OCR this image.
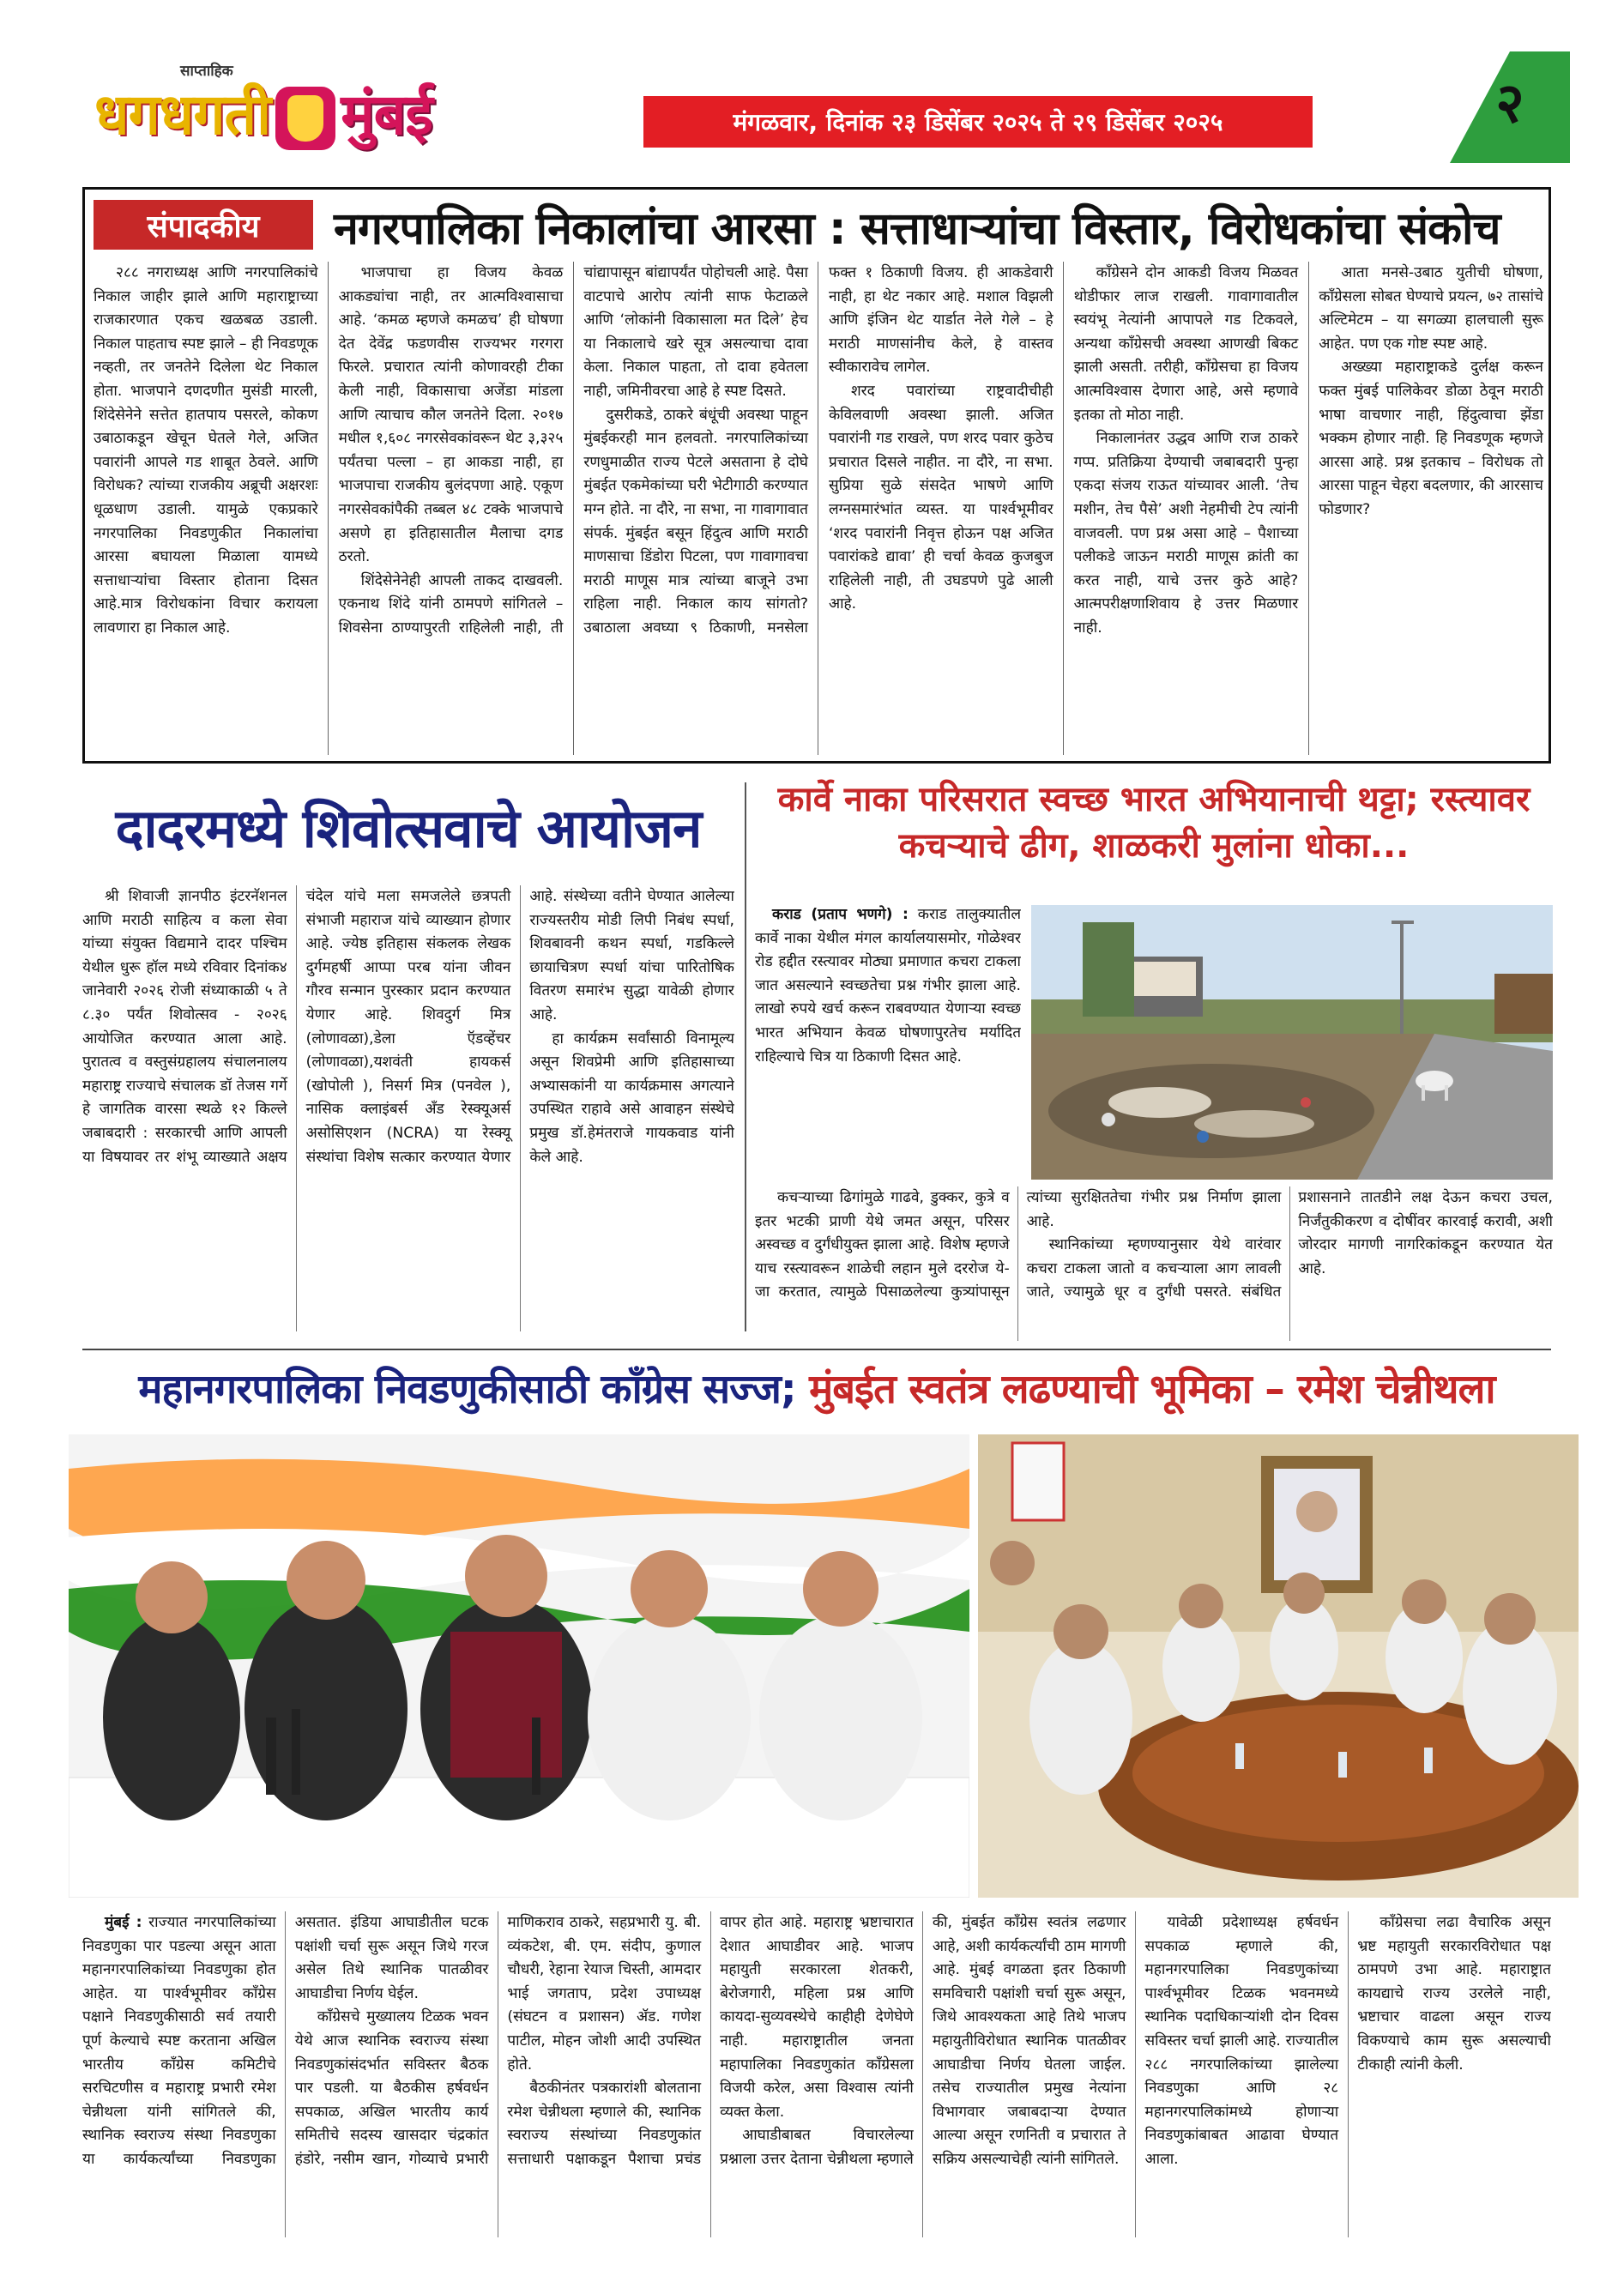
साप्ताहिक
धगधगती मुंबई	मंगळवार, दिनांक २३ डिसेंबर २०२५ ते २९ डिसेंबर २०२५	२
संपादकीय	नगरपालिका निकालांचा आरसा : सत्ताधाऱ्यांचा विस्तार, विरोधकांचा संकोच

२८८ नगराध्यक्ष आणि नगरपालिकांचे निकाल जाहीर झाले आणि महाराष्ट्राच्या राजकारणात एकच खळबळ उडाली. निकाल पाहताच स्पष्ट झाले – ही निवडणूक नव्हती, तर जनतेने दिलेला थेट निकाल होता. भाजपाने दणदणीत मुसंडी मारली, शिंदेसेनेने सत्तेत हातपाय पसरले, कोकण उबाठाकडून खेचून घेतले गेले, अजित पवारांनी आपले गड शाबूत ठेवले. आणि विरोधक? त्यांच्या राजकीय अब्रूची अक्षरशः धूळधाण उडाली. यामुळे एकप्रकारे नगरपालिका निवडणुकीत निकालांचा आरसा बघायला मिळाला यामध्ये सत्ताधाऱ्यांचा विस्तार होताना दिसत आहे.मात्र विरोधकांना विचार करायला लावणारा हा निकाल आहे.

भाजपाचा हा विजय केवळ आकड्यांचा नाही, तर आत्मविश्वासाचा आहे. ‘कमळ म्हणजे कमळच’ ही घोषणा देत देवेंद्र फडणवीस राज्यभर गरगरा फिरले. प्रचारात त्यांनी कोणावरही टीका केली नाही, विकासाचा अजेंडा मांडला आणि त्याचाच कौल जनतेने दिला. २०१७ मधील १,६०८ नगरसेवकांवरून थेट ३,३२५ पर्यंतचा पल्ला – हा आकडा नाही, हा भाजपाचा राजकीय बुलंदपणा आहे. एकूण नगरसेवकांपैकी तब्बल ४८ टक्के भाजपाचे असणे हा इतिहासातील मैलाचा दगड ठरतो.

शिंदेसेनेनेही आपली ताकद दाखवली. एकनाथ शिंदे यांनी ठामपणे सांगितले – शिवसेना ठाण्यापुरती राहिलेली नाही, ती चांद्यापासून बांद्यापर्यंत पोहोचली आहे. पैसा वाटपाचे आरोप त्यांनी साफ फेटाळले आणि ‘लोकांनी विकासाला मत दिले’ हेच या निकालाचे खरे सूत्र असल्याचा दावा केला. निकाल पाहता, तो दावा हवेतला नाही, जमिनीवरचा आहे हे स्पष्ट दिसते.

दुसरीकडे, ठाकरे बंधूंची अवस्था पाहून मुंबईकरही मान हलवतो. नगरपालिकांच्या रणधुमाळीत राज्य पेटले असताना हे दोघे मुंबईत एकमेकांच्या घरी भेटीगाठी करण्यात मग्न होते. ना दौरे, ना सभा, ना गावागावात संपर्क. मुंबईत बसून हिंदुत्व आणि मराठी माणसाचा डिंडोरा पिटला, पण गावागावचा मराठी माणूस मात्र त्यांच्या बाजूने उभा राहिला नाही. निकाल काय सांगतो? उबाठाला अवघ्या ९ ठिकाणी, मनसेला फक्त १ ठिकाणी विजय. ही आकडेवारी नाही, हा थेट नकार आहे. मशाल विझली आणि इंजिन थेट यार्डात नेले गेले – हे मराठी माणसांनीच केले, हे वास्तव स्वीकारावेच लागेल.

शरद पवारांच्या राष्ट्रवादीचीही केविलवाणी अवस्था झाली. अजित पवारांनी गड राखले, पण शरद पवार कुठेच प्रचारात दिसले नाहीत. ना दौरे, ना सभा. सुप्रिया सुळे संसदेत भाषणे आणि लग्नसमारंभांत व्यस्त. या पार्श्वभूमीवर ‘शरद पवारांनी निवृत्त होऊन पक्ष अजित पवारांकडे द्यावा’ ही चर्चा केवळ कुजबुज राहिलेली नाही, ती उघडपणे पुढे आली आहे.

काँग्रेसने दोन आकडी विजय मिळवत थोडीफार लाज राखली. गावागावातील स्वयंभू नेत्यांनी आपापले गड टिकवले, अन्यथा काँग्रेसची अवस्था आणखी बिकट झाली असती. तरीही, काँग्रेसचा हा विजय आत्मविश्वास देणारा आहे, असे म्हणावे इतका तो मोठा नाही.

निकालानंतर उद्धव आणि राज ठाकरे गप्प. प्रतिक्रिया देण्याची जबाबदारी पुन्हा एकदा संजय राऊत यांच्यावर आली. ‘तेच मशीन, तेच पैसे’ अशी नेहमीची टेप त्यांनी वाजवली. पण प्रश्न असा आहे – पैशाच्या पलीकडे जाऊन मराठी माणूस क्रांती का करत नाही, याचे उत्तर कुठे आहे? आत्मपरीक्षणाशिवाय हे उत्तर मिळणार नाही.

आता मनसे-उबाठ युतीची घोषणा, काँग्रेसला सोबत घेण्याचे प्रयत्न, ७२ तासांचे अल्टिमेटम – या सगळ्या हालचाली सुरू आहेत. पण एक गोष्ट स्पष्ट आहे.

अख्ख्या महाराष्ट्राकडे दुर्लक्ष करून फक्त मुंबई पालिकेवर डोळा ठेवून मराठी भाषा वाचणार नाही, हिंदुत्वाचा झेंडा भक्कम होणार नाही. हि निवडणूक म्हणजे आरसा आहे. प्रश्न इतकाच – विरोधक तो आरसा पाहून चेहरा बदलणार, की आरसाच फोडणार?

दादरमध्ये शिवोत्सवाचे आयोजन

श्री शिवाजी ज्ञानपीठ इंटरनॅशनल आणि मराठी साहित्य व कला सेवा यांच्या संयुक्त विद्यमाने दादर पश्चिम येथील धुरू हॉल मध्ये रविवार दिनांक४ जानेवारी २०२६ रोजी संध्याकाळी ५ ते ८.३० पर्यंत शिवोत्सव - २०२६ आयोजित करण्यात आला आहे. पुरातत्व व वस्तुसंग्रहालय संचालनालय महाराष्ट्र राज्याचे संचालक डॉ तेजस गर्गे हे जागतिक वारसा स्थळे १२ किल्ले जबाबदारी : सरकारची आणि आपली या विषयावर तर शंभू व्याख्याते अक्षय चंदेल यांचे मला समजलेले छत्रपती संभाजी महाराज यांचे व्याख्यान होणार आहे. ज्येष्ठ इतिहास संकलक लेखक दुर्गमहर्षी आप्पा परब यांना जीवन गौरव सन्मान पुरस्कार प्रदान करण्यात येणार आहे. शिवदुर्ग मित्र (लोणावळा),डेला ऍडव्हेंचर (लोणावळा),यशवंती हायकर्स (खोपोली ), निसर्ग मित्र (पनवेल ), नासिक क्लाइंबर्स अँड रेस्क्यूअर्स असोसिएशन (NCRA) या रेस्क्यू संस्थांचा विशेष सत्कार करण्यात येणार आहे. संस्थेच्या वतीने घेण्यात आलेल्या राज्यस्तरीय मोडी लिपी निबंध स्पर्धा, शिवबावनी कथन स्पर्धा, गडकिल्ले छायाचित्रण स्पर्धा यांचा पारितोषिक वितरण समारंभ सुद्धा यावेळी होणार आहे.

हा कार्यक्रम सर्वांसाठी विनामूल्य असून शिवप्रेमी आणि इतिहासाच्या अभ्यासकांनी या कार्यक्रमास अगत्याने उपस्थित राहावे असे आवाहन संस्थेचे प्रमुख डॉ.हेमंतराजे गायकवाड यांनी केले आहे.

कार्वे नाका परिसरात स्वच्छ भारत अभियानाची थट्टा; रस्त्यावर कचऱ्याचे ढीग, शाळकरी मुलांना धोका...

कराड (प्रताप भणगे) : कराड तालुक्यातील कार्वे नाका येथील मंगल कार्यालयासमोर, गोळेश्वर रोड हद्दीत रस्त्यावर मोठ्या प्रमाणात कचरा टाकला जात असल्याने स्वच्छतेचा प्रश्न गंभीर झाला आहे. लाखो रुपये खर्च करून राबवण्यात येणाऱ्या स्वच्छ भारत अभियान केवळ घोषणापुरतेच मर्यादित राहिल्याचे चित्र या ठिकाणी दिसत आहे.

कचऱ्याच्या ढिगांमुळे गाढवे, डुक्कर, कुत्रे व इतर भटकी प्राणी येथे जमत असून, परिसर अस्वच्छ व दुर्गंधीयुक्त झाला आहे. विशेष म्हणजे याच रस्त्यावरून शाळेची लहान मुले दररोज ये-जा करतात, त्यामुळे पिसाळलेल्या कुत्र्यांपासून त्यांच्या सुरक्षिततेचा गंभीर प्रश्न निर्माण झाला आहे.

स्थानिकांच्या म्हणण्यानुसार येथे वारंवार कचरा टाकला जातो व कचऱ्याला आग लावली जाते, ज्यामुळे धूर व दुर्गंधी पसरते. संबंधित प्रशासनाने तातडीने लक्ष देऊन कचरा उचल, निर्जंतुकीकरण व दोषींवर कारवाई करावी, अशी जोरदार मागणी नागरिकांकडून करण्यात येत आहे.

महानगरपालिका निवडणुकीसाठी काँग्रेस सज्ज; मुंबईत स्वतंत्र लढण्याची भूमिका – रमेश चेन्नीथला

मुंबई : राज्यात नगरपालिकांच्या निवडणुका पार पडल्या असून आता महानगरपालिकांच्या निवडणुका होत आहेत. या पार्श्वभूमीवर काँग्रेस पक्षाने निवडणुकीसाठी सर्व तयारी पूर्ण केल्याचे स्पष्ट करताना अखिल भारतीय काँग्रेस कमिटीचे सरचिटणीस व महाराष्ट्र प्रभारी रमेश चेन्नीथला यांनी सांगितले की, स्थानिक स्वराज्य संस्था निवडणुका या कार्यकर्त्यांच्या निवडणुका असतात. इंडिया आघाडीतील घटक पक्षांशी चर्चा सुरू असून जिथे गरज असेल तिथे स्थानिक पातळीवर आघाडीचा निर्णय घेईल.

काँग्रेसचे मुख्यालय टिळक भवन येथे आज स्थानिक स्वराज्य संस्था निवडणुकांसंदर्भात सविस्तर बैठक पार पडली. या बैठकीस हर्षवर्धन सपकाळ, अखिल भारतीय कार्य समितीचे सदस्य खासदार चंद्रकांत हंडोरे, नसीम खान, गोव्याचे प्रभारी माणिकराव ठाकरे, सहप्रभारी यु. बी. व्यंकटेश, बी. एम. संदीप, कुणाल चौधरी, रेहाना रेयाज चिस्ती, आमदार भाई जगताप, प्रदेश उपाध्यक्ष (संघटन व प्रशासन) ॲड. गणेश पाटील, मोहन जोशी आदी उपस्थित होते.

बैठकीनंतर पत्रकारांशी बोलताना रमेश चेन्नीथला म्हणाले की, स्थानिक स्वराज्य संस्थांच्या निवडणुकांत सत्ताधारी पक्षाकडून पैशाचा प्रचंड वापर होत आहे. महाराष्ट्र भ्रष्टाचारात देशात आघाडीवर आहे. भाजप महायुती सरकारला शेतकरी, बेरोजगारी, महिला प्रश्न आणि कायदा-सुव्यवस्थेचे काहीही देणेघेणे नाही. महाराष्ट्रातील जनता महापालिका निवडणुकांत काँग्रेसला विजयी करेल, असा विश्वास त्यांनी व्यक्त केला.

आघाडीबाबत विचारलेल्या प्रश्नाला उत्तर देताना चेन्नीथला म्हणाले की, मुंबईत काँग्रेस स्वतंत्र लढणार आहे, अशी कार्यकर्त्यांची ठाम मागणी आहे. मुंबई वगळता इतर ठिकाणी समविचारी पक्षांशी चर्चा सुरू असून, जिथे आवश्यकता आहे तिथे भाजप महायुतीविरोधात स्थानिक पातळीवर आघाडीचा निर्णय घेतला जाईल. तसेच राज्यातील प्रमुख नेत्यांना विभागवार जबाबदाऱ्या देण्यात आल्या असून रणनिती व प्रचारात ते सक्रिय असल्याचेही त्यांनी सांगितले.

यावेळी प्रदेशाध्यक्ष हर्षवर्धन सपकाळ म्हणाले की, महानगरपालिका निवडणुकांच्या पार्श्वभूमीवर टिळक भवनमध्ये स्थानिक पदाधिकाऱ्यांशी दोन दिवस सविस्तर चर्चा झाली आहे. राज्यातील २८८ नगरपालिकांच्या झालेल्या निवडणुका आणि २८ महानगरपालिकांमध्ये होणाऱ्या निवडणुकांबाबत आढावा घेण्यात आला.

काँग्रेसचा लढा वैचारिक असून भ्रष्ट महायुती सरकारविरोधात पक्ष ठामपणे उभा आहे. महाराष्ट्रात कायद्याचे राज्य उरलेले नाही, भ्रष्टाचार वाढला असून राज्य विकण्याचे काम सुरू असल्याची टीकाही त्यांनी केली.
